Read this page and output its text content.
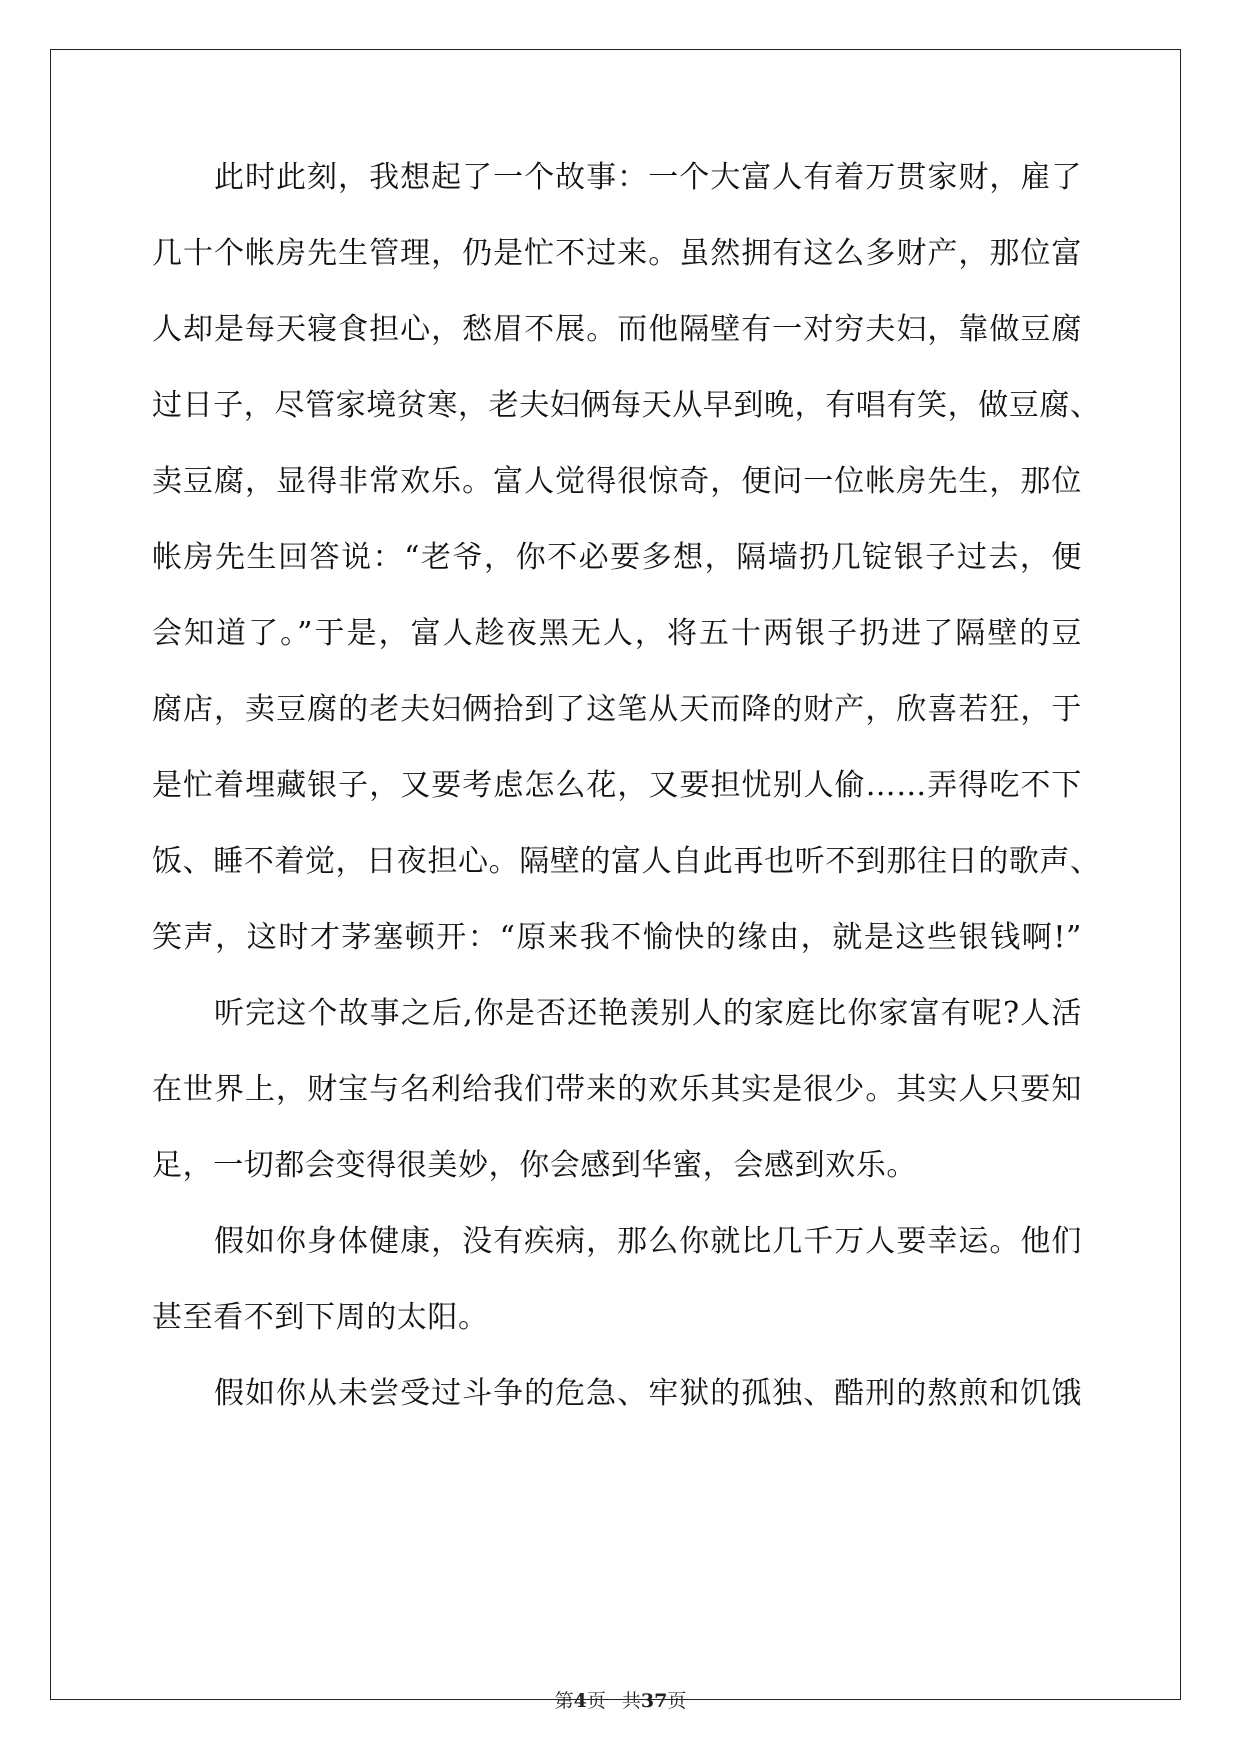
此时此刻，我想起了一个故事：一个大富人有着万贯家财，雇了
几十个帐房先生管理，仍是忙不过来。虽然拥有这么多财产，那位富
人却是每天寝食担心，愁眉不展。而他隔壁有一对穷夫妇，靠做豆腐
过日子，尽管家境贫寒，老夫妇俩每天从早到晚，有唱有笑，做豆腐、
卖豆腐，显得非常欢乐。富人觉得很惊奇，便问一位帐房先生，那位
帐房先生回答说：“老爷，你不必要多想，隔墙扔几锭银子过去，便
会知道了。”于是，富人趁夜黑无人，将五十两银子扔进了隔壁的豆
腐店，卖豆腐的老夫妇俩拾到了这笔从天而降的财产，欣喜若狂，于
是忙着埋藏银子，又要考虑怎么花，又要担忧别人偷……弄得吃不下
饭、睡不着觉，日夜担心。隔壁的富人自此再也听不到那往日的歌声、
笑声，这时才茅塞顿开：“原来我不愉快的缘由，就是这些银钱啊!”
听完这个故事之后,你是否还艳羡别人的家庭比你家富有呢?人活
在世界上，财宝与名利给我们带来的欢乐其实是很少。其实人只要知
足，一切都会变得很美妙，你会感到华蜜，会感到欢乐。
假如你身体健康，没有疾病，那么你就比几千万人要幸运。他们
甚至看不到下周的太阳。
假如你从未尝受过斗争的危急、牢狱的孤独、酷刑的熬煎和饥饿
第4页 共37页
